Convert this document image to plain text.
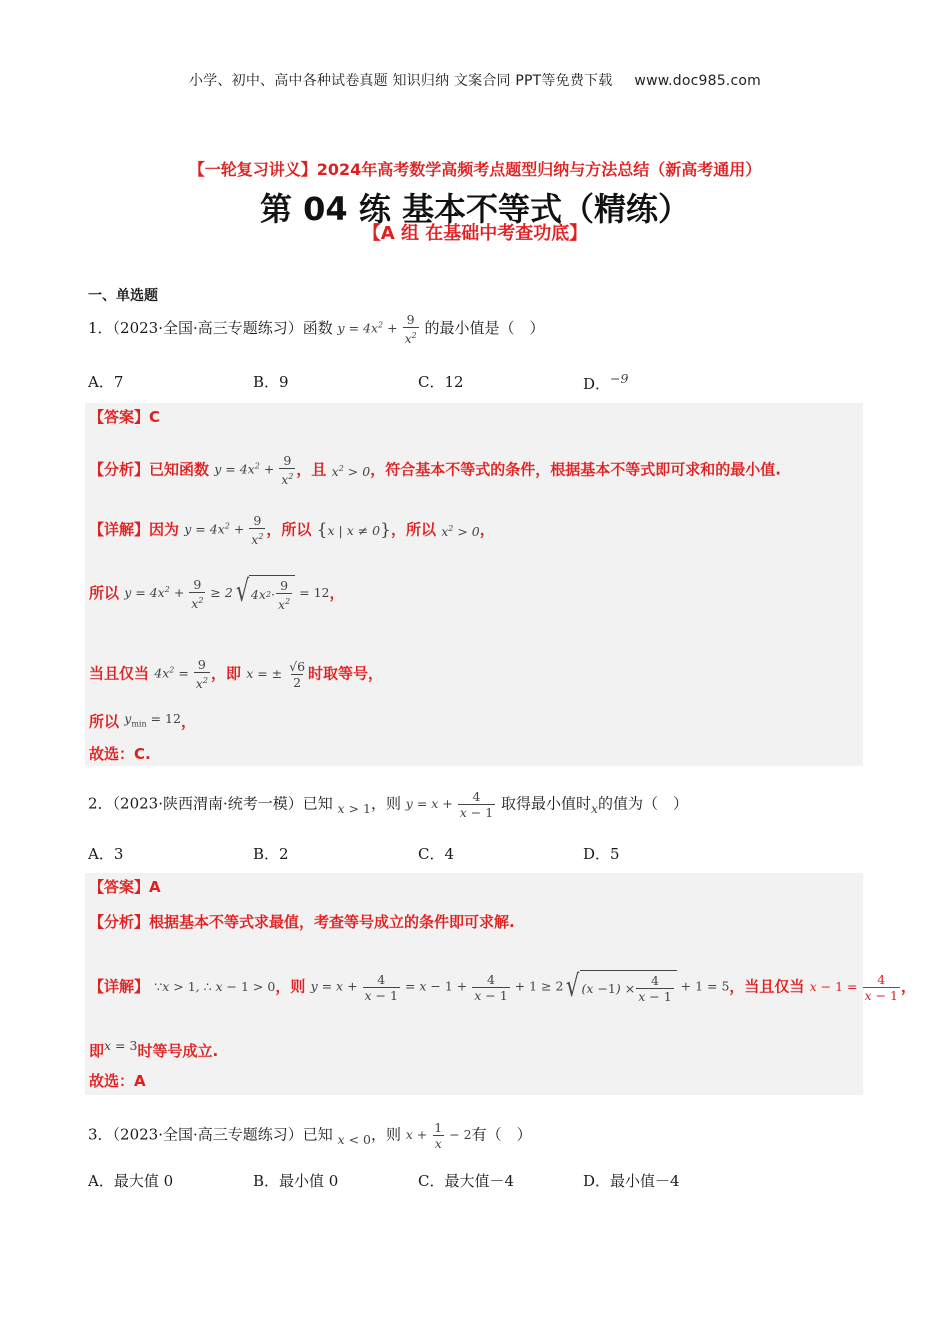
小学、初中、高中各种试卷真题 知识归纳 文案合同 PPT等免费下载 www.doc985.com
【一轮复习讲义】2024年高考数学高频考点题型归纳与方法总结（新高考通用）
第 04 练 基本不等式（精练）
【A 组 在基础中考查功底】
一、单选题
1．（2023·全国·高三专题练习）函数 $y = 4x^2 + \frac{9}{x^2}$ 的最小值是（　）
A．7	B．9	C．12	D．−9
【答案】C
【分析】已知函数 $y = 4x^2 + \frac{9}{x^2}$ ，且 $x^2 > 0$，符合基本不等式的条件，根据基本不等式即可求和的最小值.
【详解】因为 $y = 4x^2 + \frac{9}{x^2}$ ，所以 {x | x ≠ 0}，所以 $x^2 > 0$，
所以 $y = 4x^2 + \frac{9}{x^2} \ge 2$ √ 4x $2 \cdot \frac{9}{x^2} = 12$，
当且仅当 $4x^2 = \frac{9}{x^2}$ ，即 x = ± $\frac{√6}{2}$ 时取等号，
所以 $y_{min} = 12$，
故选：C.
2．（2023·陕西渭南·统考一模）已知 x > 1，则 $y = x + \frac{4}{x - 1}$ 取得最小值时x的值为（　）
A．3	B．2	C．4	D．5
【答案】A
【分析】根据基本不等式求最值，考查等号成立的条件即可求解.
【详解】 ∵x > 1, ∴ x − 1 > 0，则 $y = x + \frac{4}{x - 1} = x - 1 + \frac{4}{x - 1} + 1 \ge 2$ √ (x − 1 ) × $\frac{4}{x - 1} + 1 = 5$，当且仅当 $x - 1 = \frac{4}{x - 1}$ ，
即x = 3时等号成立.
故选：A
3．（2023·全国·高三专题练习）已知 x < 0，则 $x + \frac{1}{x} - 2$有（　）
A．最大值 0	B．最小值 0	C．最大值－4	D．最小值－4
